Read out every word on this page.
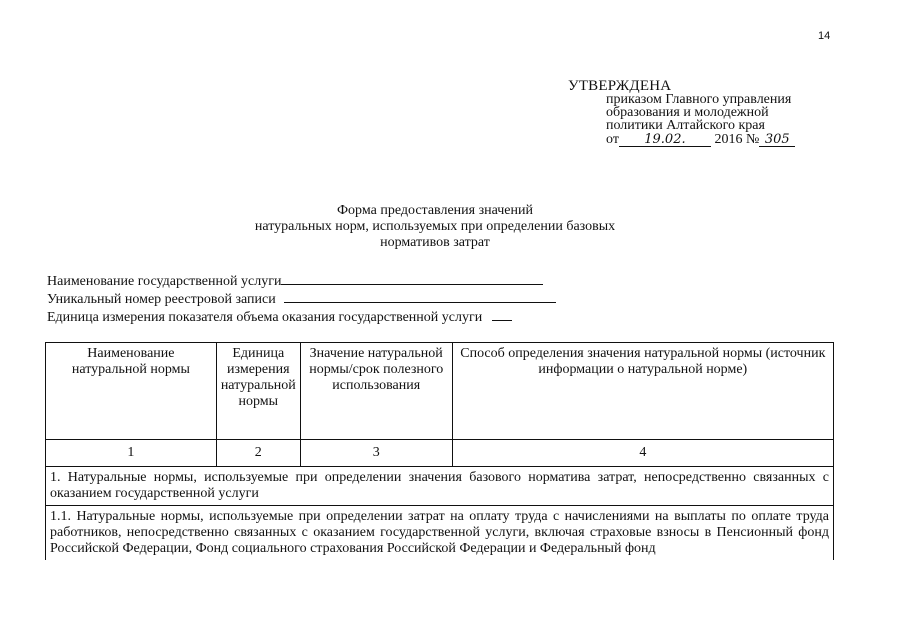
14
УТВЕРЖДЕНА
приказом Главного управления
образования и молодежной
политики Алтайского края
от 19.02. 2016 № 305
Форма предоставления значений
натуральных норм, используемых при определении базовых
нормативов затрат
Наименование государственной услуги
Уникальный номер реестровой записи
Единица измерения показателя объема оказания государственной услуги
Наименование натуральной нормы	Единица измерения натуральной нормы	Значение натуральной нормы/срок полезного использования	Способ определения значения натуральной нормы (источник информации о натуральной норме)
1	2	3	4
1. Натуральные нормы, используемые при определении значения базового норматива затрат, непосредственно связанных с оказанием государственной услуги			
1.1. Натуральные нормы, используемые при определении затрат на оплату труда с начислениями на выплаты по оплате труда работников, непосредственно связанных с оказанием государственной услуги, включая страховые взносы в Пенсионный фонд Российской Федерации, Фонд социального страхования Российской Федерации и Федеральный фонд			
